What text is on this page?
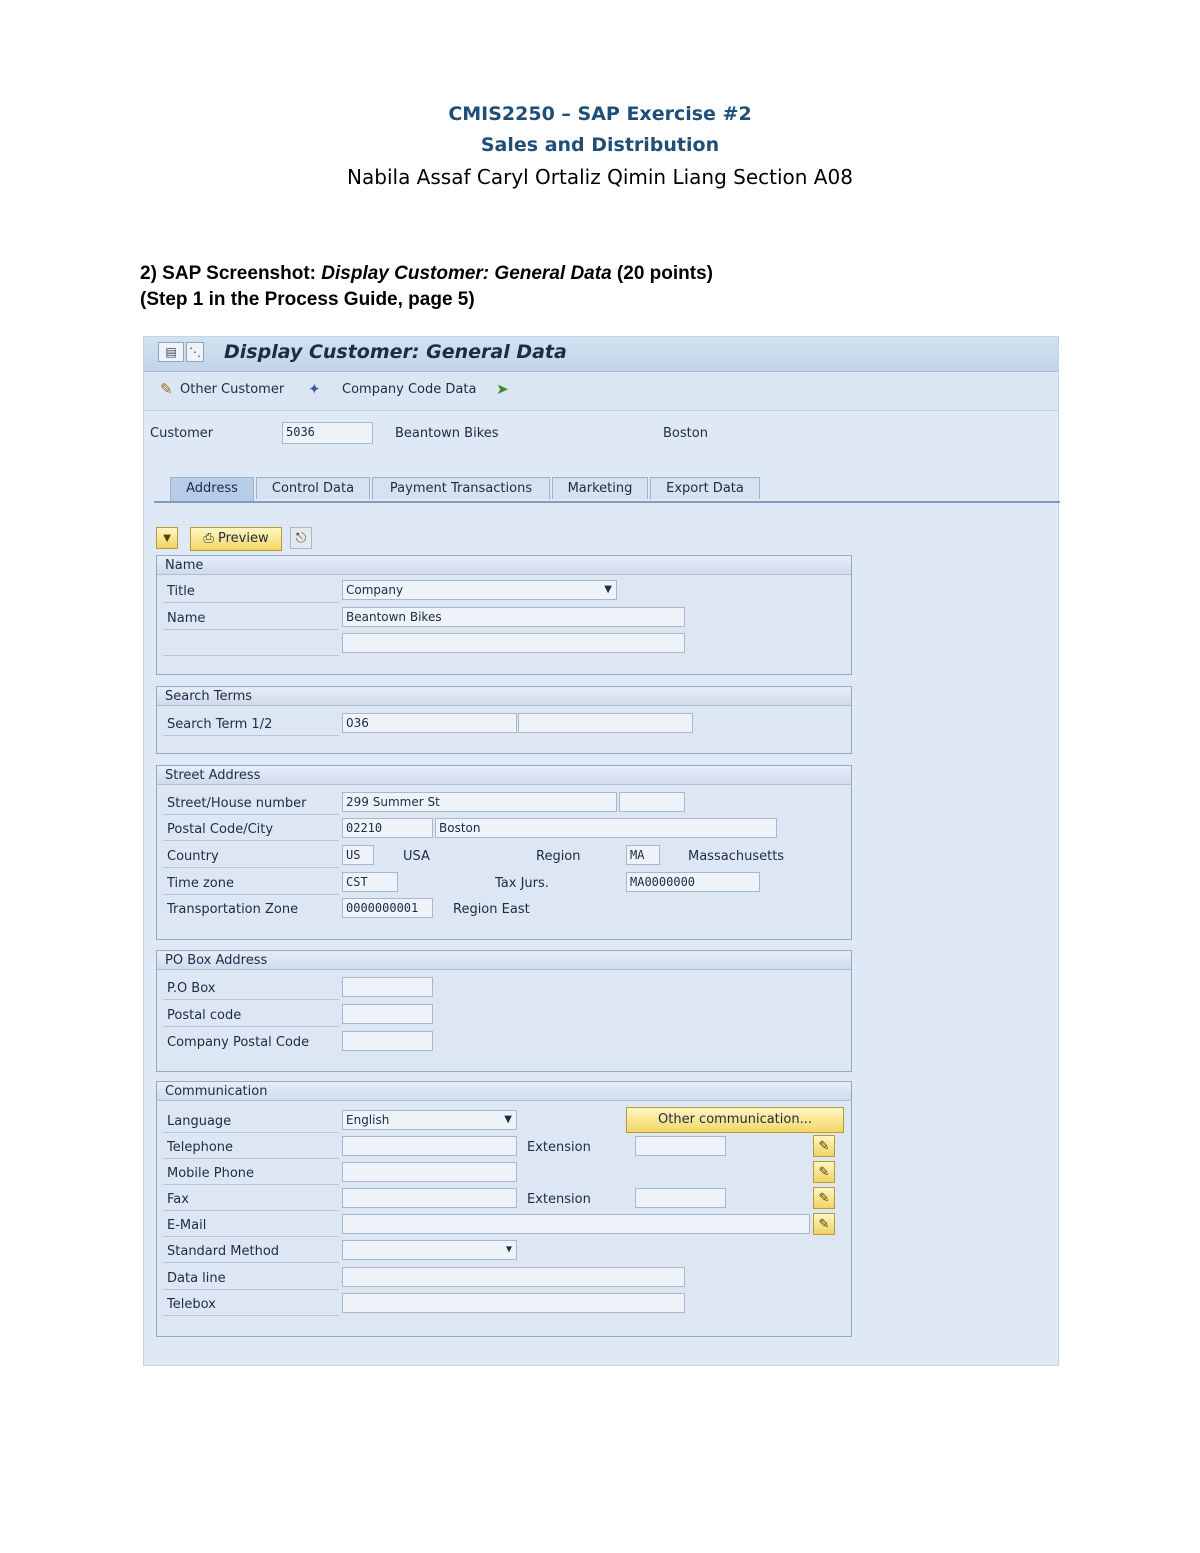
CMIS2250 – SAP Exercise #2
Sales and Distribution
Nabila Assaf Caryl Ortaliz Qimin Liang Section A08
2) SAP Screenshot: Display Customer: General Data (20 points)
(Step 1 in the Process Guide, page 5)
▤	⋱ Display Customer: General Data
✎ Other Customer ✦ Company Code Data ➤
Customer	5036	Beantown Bikes	Boston
Address	Control Data	Payment Transactions	Marketing	Export Data
▼	⎙ Preview	⎋
Name
Title	Company	▼
Name	Beantown Bikes
Search Terms
Search Term 1/2	036
Street Address
Street/House number	299 Summer St
Postal Code/City	02210	Boston
Country	US	USA	Region	MA	Massachusetts
Time zone	CST	Tax Jurs.	MA0000000
Transportation Zone	0000000001	Region East
PO Box Address
P.O Box
Postal code
Company Postal Code
Communication
Language	English	▼	Other communication...
Telephone	Extension	✎
Mobile Phone	✎
Fax	Extension	✎
E-Mail	✎
Standard Method	▼
Data line
Telebox
